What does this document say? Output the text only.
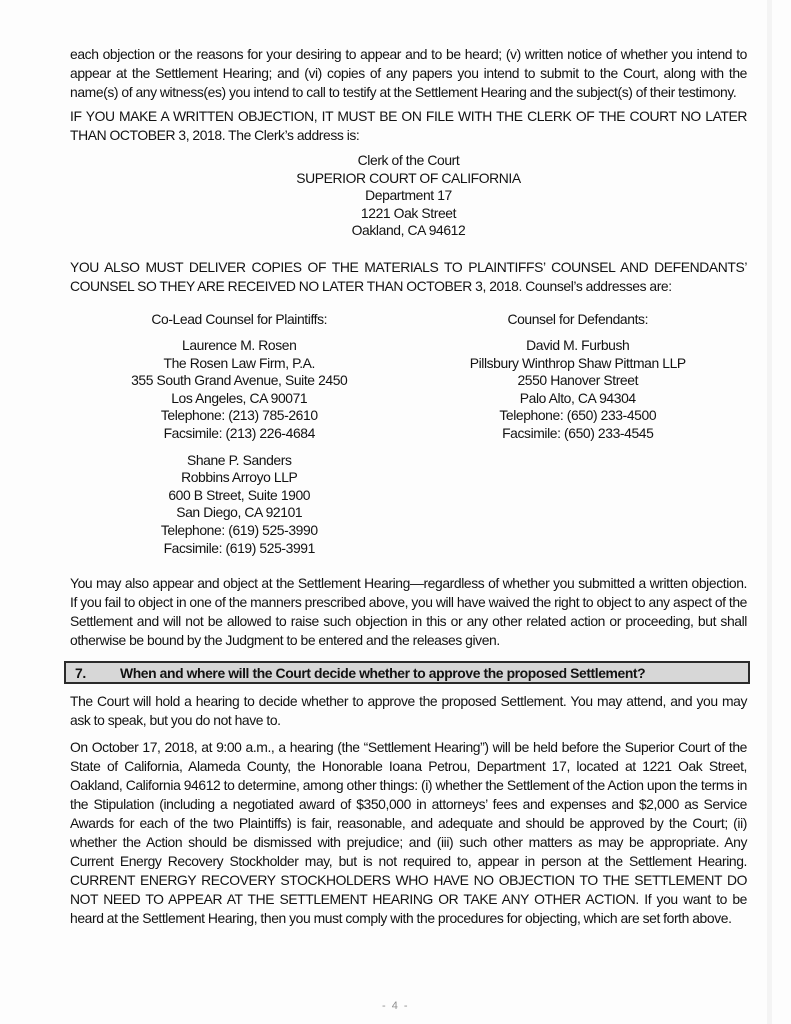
each objection or the reasons for your desiring to appear and to be heard; (v) written notice of whether you intend to appear at the Settlement Hearing; and (vi) copies of any papers you intend to submit to the Court, along with the name(s) of any witness(es) you intend to call to testify at the Settlement Hearing and the subject(s) of their testimony.

IF YOU MAKE A WRITTEN OBJECTION, IT MUST BE ON FILE WITH THE CLERK OF THE COURT NO LATER THAN OCTOBER 3, 2018. The Clerk’s address is:

Clerk of the Court
SUPERIOR COURT OF CALIFORNIA
Department 17
1221 Oak Street
Oakland, CA 94612

YOU ALSO MUST DELIVER COPIES OF THE MATERIALS TO PLAINTIFFS’ COUNSEL AND DEFENDANTS’ COUNSEL SO THEY ARE RECEIVED NO LATER THAN OCTOBER 3, 2018. Counsel’s addresses are:

Co-Lead Counsel for Plaintiffs:	Counsel for Defendants:
Laurence M. Rosen
The Rosen Law Firm, P.A.
355 South Grand Avenue, Suite 2450
Los Angeles, CA 90071
Telephone: (213) 785-2610
Facsimile: (213) 226-4684
David M. Furbush
Pillsbury Winthrop Shaw Pittman LLP
2550 Hanover Street
Palo Alto, CA 94304
Telephone: (650) 233-4500
Facsimile: (650) 233-4545
Shane P. Sanders
Robbins Arroyo LLP
600 B Street, Suite 1900
San Diego, CA 92101
Telephone: (619) 525-3990
Facsimile: (619) 525-3991

You may also appear and object at the Settlement Hearing—regardless of whether you submitted a written objection. If you fail to object in one of the manners prescribed above, you will have waived the right to object to any aspect of the Settlement and will not be allowed to raise such objection in this or any other related action or proceeding, but shall otherwise be bound by the Judgment to be entered and the releases given.

7.	When and where will the Court decide whether to approve the proposed Settlement?

The Court will hold a hearing to decide whether to approve the proposed Settlement. You may attend, and you may ask to speak, but you do not have to.

On October 17, 2018, at 9:00 a.m., a hearing (the “Settlement Hearing”) will be held before the Superior Court of the State of California, Alameda County, the Honorable Ioana Petrou, Department 17, located at 1221 Oak Street, Oakland, California 94612 to determine, among other things: (i) whether the Settlement of the Action upon the terms in the Stipulation (including a negotiated award of $350,000 in attorneys’ fees and expenses and $2,000 as Service Awards for each of the two Plaintiffs) is fair, reasonable, and adequate and should be approved by the Court; (ii) whether the Action should be dismissed with prejudice; and (iii) such other matters as may be appropriate. Any Current Energy Recovery Stockholder may, but is not required to, appear in person at the Settlement Hearing. CURRENT ENERGY RECOVERY STOCKHOLDERS WHO HAVE NO OBJECTION TO THE SETTLEMENT DO NOT NEED TO APPEAR AT THE SETTLEMENT HEARING OR TAKE ANY OTHER ACTION. If you want to be heard at the Settlement Hearing, then you must comply with the procedures for objecting, which are set forth above.

- 4 -
